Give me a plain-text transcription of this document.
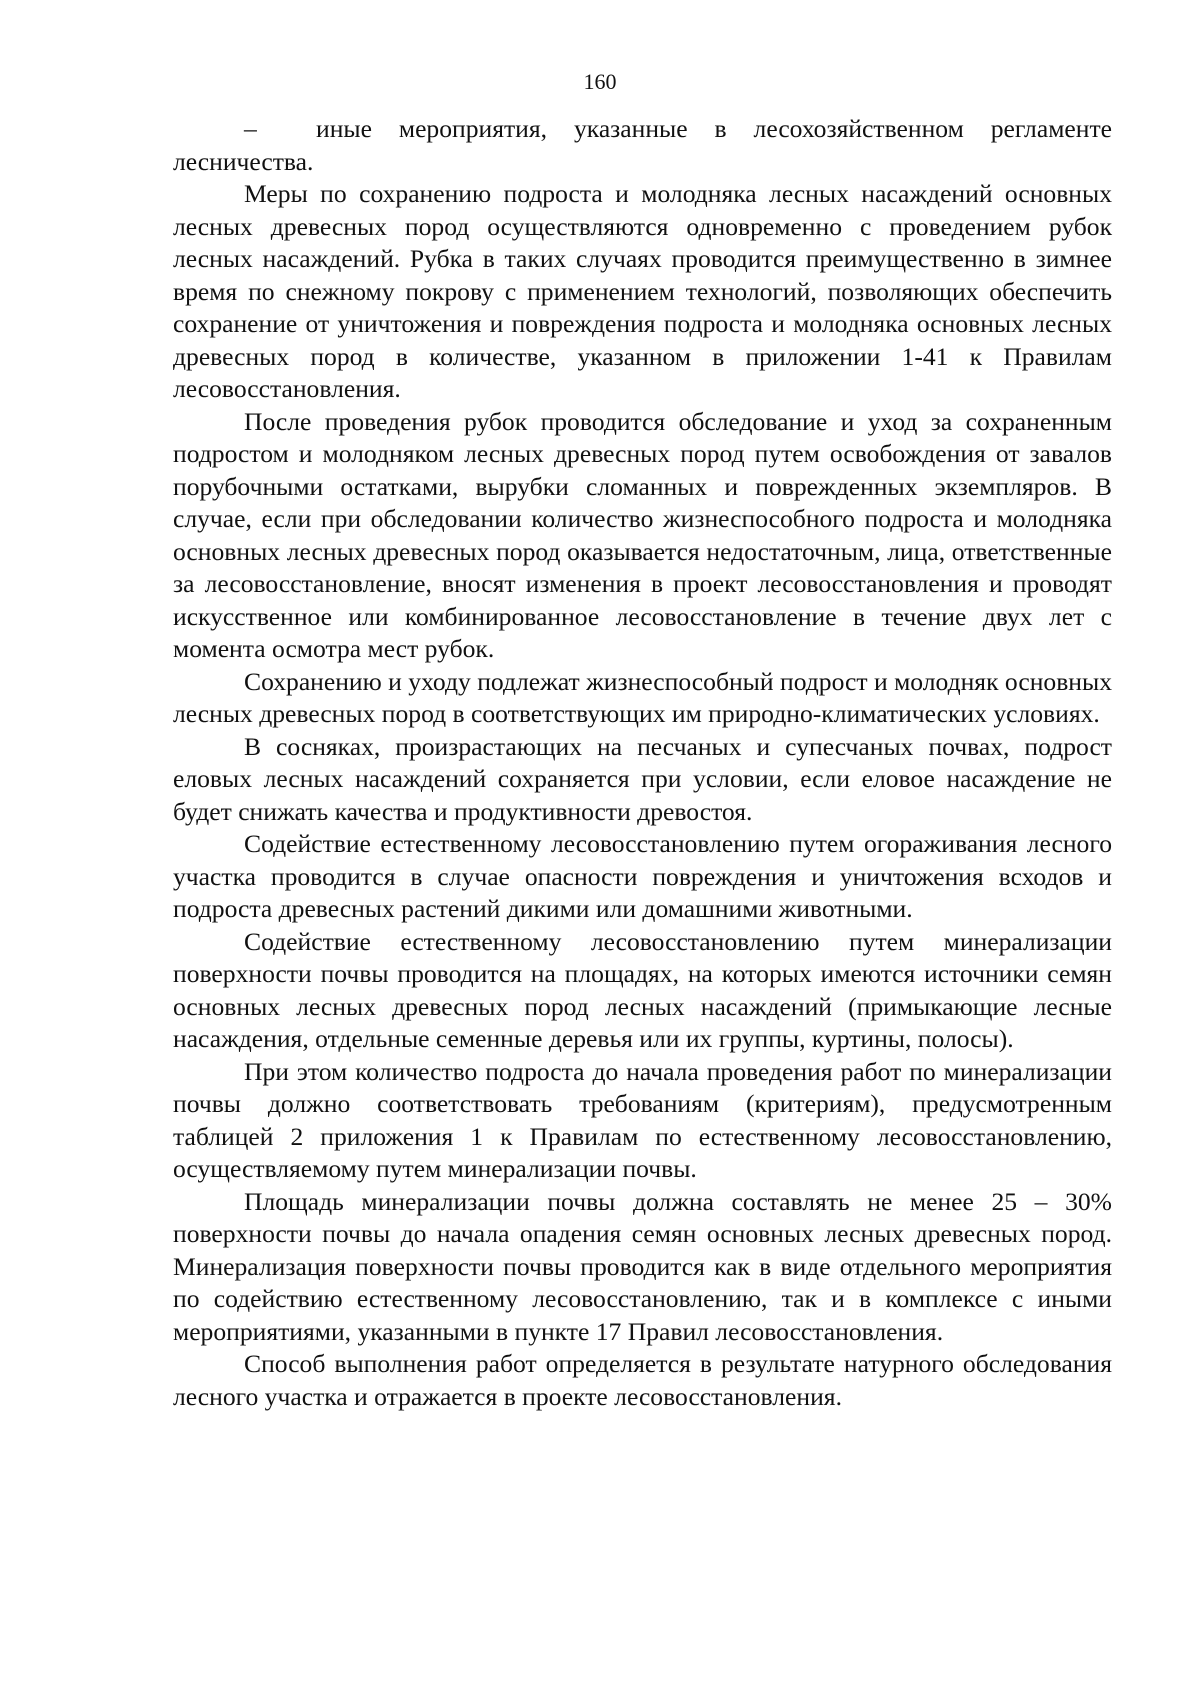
160

– иные мероприятия, указанные в лесохозяйственном регламенте лесничества.

Меры по сохранению подроста и молодняка лесных насаждений основных лесных древесных пород осуществляются одновременно с проведением рубок лесных насаждений. Рубка в таких случаях проводится преимущественно в зимнее время по снежному покрову с применением технологий, позволяющих обеспечить сохранение от уничтожения и повреждения подроста и молодняка основных лесных древесных пород в количестве, указанном в приложении 1-41 к Правилам лесовосстановления.

После проведения рубок проводится обследование и уход за сохраненным подростом и молодняком лесных древесных пород путем освобождения от завалов порубочными остатками, вырубки сломанных и поврежденных экземпляров. В случае, если при обследовании количество жизнеспособного подроста и молодняка основных лесных древесных пород оказывается недостаточным, лица, ответственные за лесовосстановление, вносят изменения в проект лесовосстановления и проводят искусственное или комбинированное лесовосстановление в течение двух лет с момента осмотра мест рубок.

Сохранению и уходу подлежат жизнеспособный подрост и молодняк основных лесных древесных пород в соответствующих им природно-климатических условиях.

В сосняках, произрастающих на песчаных и супесчаных почвах, подрост еловых лесных насаждений сохраняется при условии, если еловое насаждение не будет снижать качества и продуктивности древостоя.

Содействие естественному лесовосстановлению путем огораживания лесного участка проводится в случае опасности повреждения и уничтожения всходов и подроста древесных растений дикими или домашними животными.

Содействие естественному лесовосстановлению путем минерализации поверхности почвы проводится на площадях, на которых имеются источники семян основных лесных древесных пород лесных насаждений (примыкающие лесные насаждения, отдельные семенные деревья или их группы, куртины, полосы).

При этом количество подроста до начала проведения работ по минерализации почвы должно соответствовать требованиям (критериям), предусмотренным таблицей 2 приложения 1 к Правилам по естественному лесовосстановлению, осуществляемому путем минерализации почвы.

Площадь минерализации почвы должна составлять не менее 25 – 30% поверхности почвы до начала опадения семян основных лесных древесных пород. Минерализация поверхности почвы проводится как в виде отдельного мероприятия по содействию естественному лесовосстановлению, так и в комплексе с иными мероприятиями, указанными в пункте 17 Правил лесовосстановления.

Способ выполнения работ определяется в результате натурного обследования лесного участка и отражается в проекте лесовосстановления.
